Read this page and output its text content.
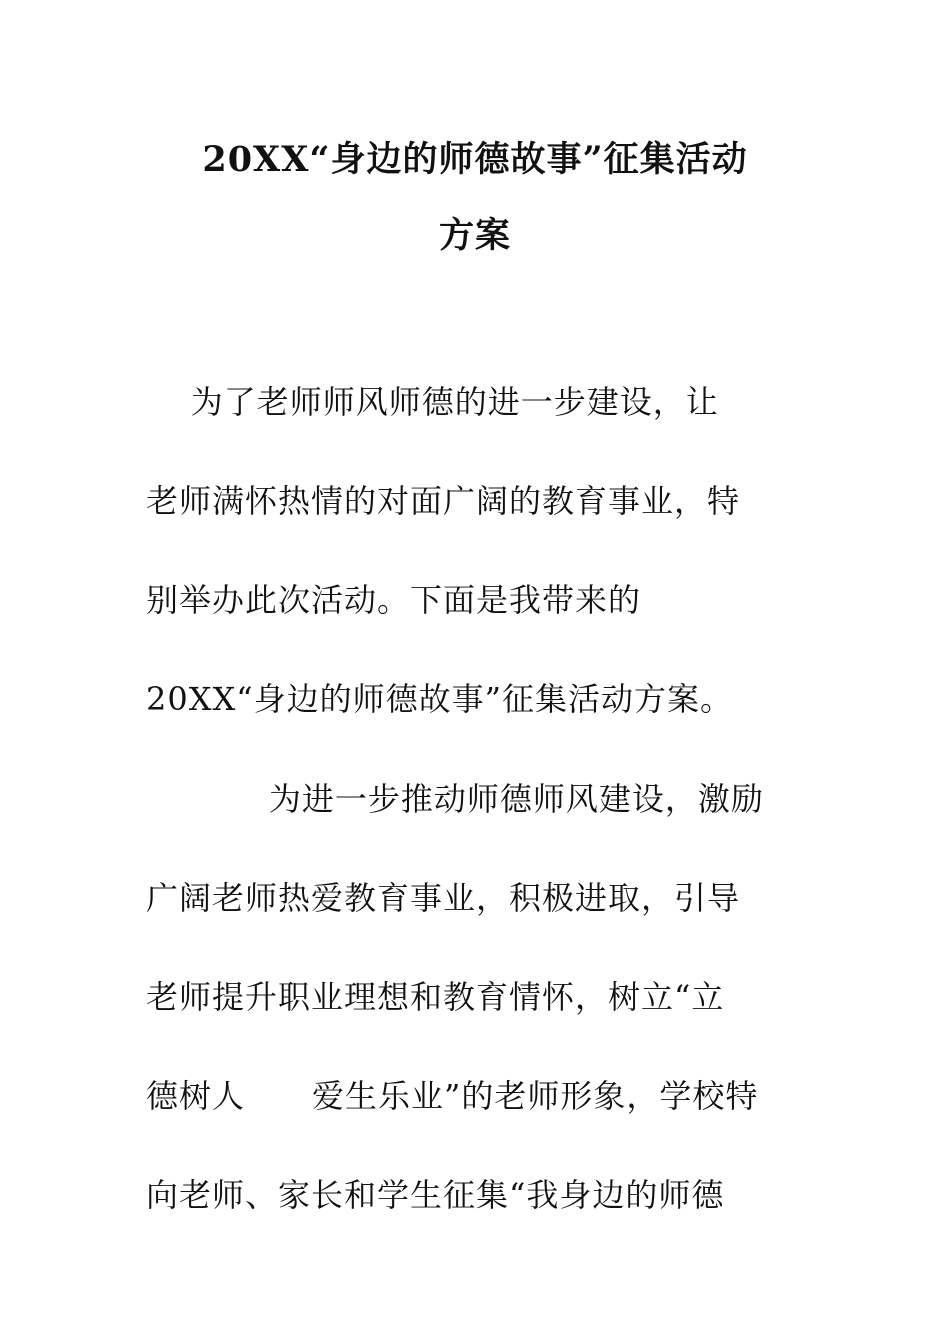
20XX“身边的师德故事”征集活动
方案
为了老师师风师德的进一步建设，让
老师满怀热情的对面广阔的教育事业，特
别举办此次活动。下面是我带来的
20XX“身边的师德故事”征集活动方案。
为进一步推动师德师风建设，激励
广阔老师热爱教育事业，积极进取，引导
老师提升职业理想和教育情怀，树立“立
德树人      爱生乐业”的老师形象，学校特
向老师、家长和学生征集“我身边的师德
